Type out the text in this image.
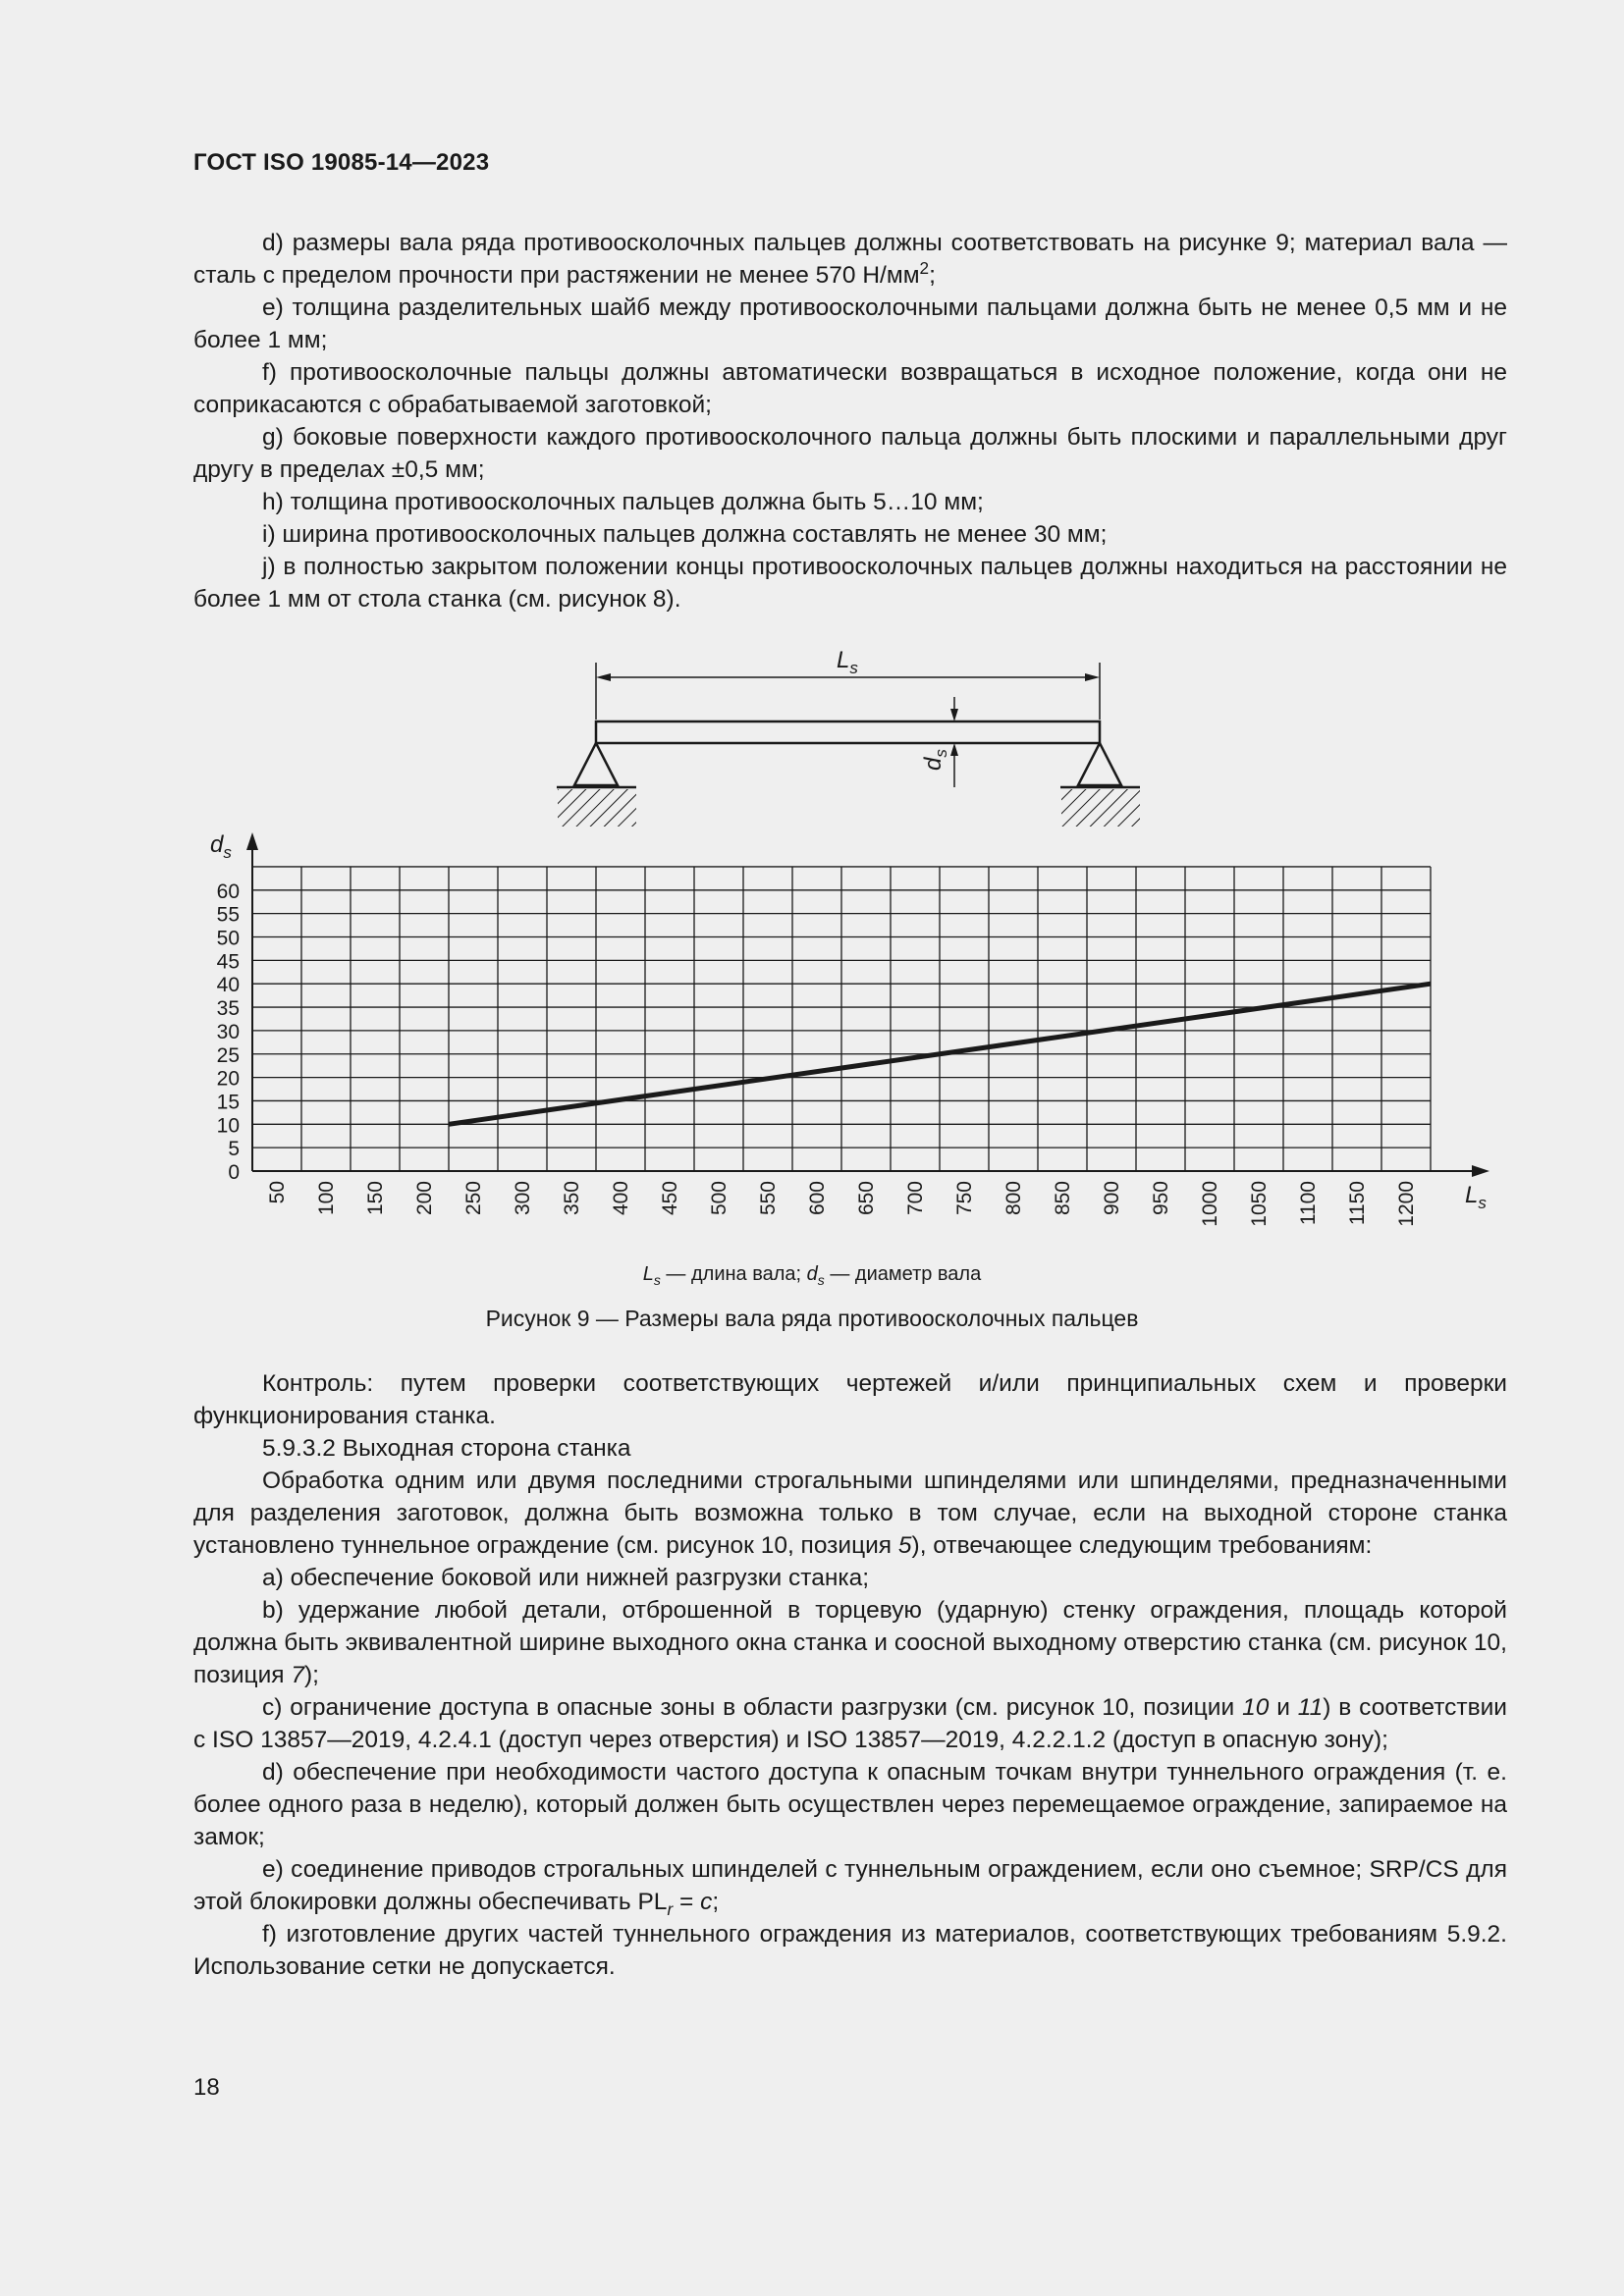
ГОСТ ISO 19085-14—2023

d) размеры вала ряда противоосколочных пальцев должны соответствовать на рисунке 9; материал вала — сталь с пределом прочности при растяжении не менее 570 $Н/мм^2$;

e) толщина разделительных шайб между противоосколочными пальцами должна быть не менее 0,5 мм и не более 1 мм;

f) противоосколочные пальцы должны автоматически возвращаться в исходное положение, когда они не соприкасаются с обрабатываемой заготовкой;

g) боковые поверхности каждого противоосколочного пальца должны быть плоскими и параллельными друг другу в пределах ±0,5 мм;

h) толщина противоосколочных пальцев должна быть 5…10 мм;

i) ширина противоосколочных пальцев должна составлять не менее 30 мм;

j) в полностью закрытом положении концы противоосколочных пальцев должны находиться на расстоянии не более 1 мм от стола станка (см. рисунок 8).

$L_s$
$d_s$
$d_s$
$L_s$
0
5
10
15
20
25
30
35
40
45
50
55
60
50 100 150 200 250 300 350 400 450 500 550 600 650 700 750 800 850 900 950 1000 1050 1100 1150 1200
$L_s$ — длина вала; $d_s$ — диаметр вала
Рисунок 9 — Размеры вала ряда противоосколочных пальцев

Контроль: путем проверки соответствующих чертежей и/или принципиальных схем и проверки функционирования станка.

5.9.3.2 Выходная сторона станка

Обработка одним или двумя последними строгальными шпинделями или шпинделями, предназначенными для разделения заготовок, должна быть возможна только в том случае, если на выходной стороне станка установлено туннельное ограждение (см. рисунок 10, позиция 5), отвечающее следующим требованиям:

a) обеспечение боковой или нижней разгрузки станка;

b) удержание любой детали, отброшенной в торцевую (ударную) стенку ограждения, площадь которой должна быть эквивалентной ширине выходного окна станка и соосной выходному отверстию станка (см. рисунок 10, позиция 7);

c) ограничение доступа в опасные зоны в области разгрузки (см. рисунок 10, позиции 10 и 11) в соответствии с ISO 13857—2019, 4.2.4.1 (доступ через отверстия) и ISO 13857—2019, 4.2.2.1.2 (доступ в опасную зону);

d) обеспечение при необходимости частого доступа к опасным точкам внутри туннельного ограждения (т. е. более одного раза в неделю), который должен быть осуществлен через перемещаемое ограждение, запираемое на замок;

e) соединение приводов строгальных шпинделей с туннельным ограждением, если оно съемное; SRP/CS для этой блокировки должны обеспечивать $PL_r = c$;

f) изготовление других частей туннельного ограждения из материалов, соответствующих требованиям 5.9.2. Использование сетки не допускается.

18
